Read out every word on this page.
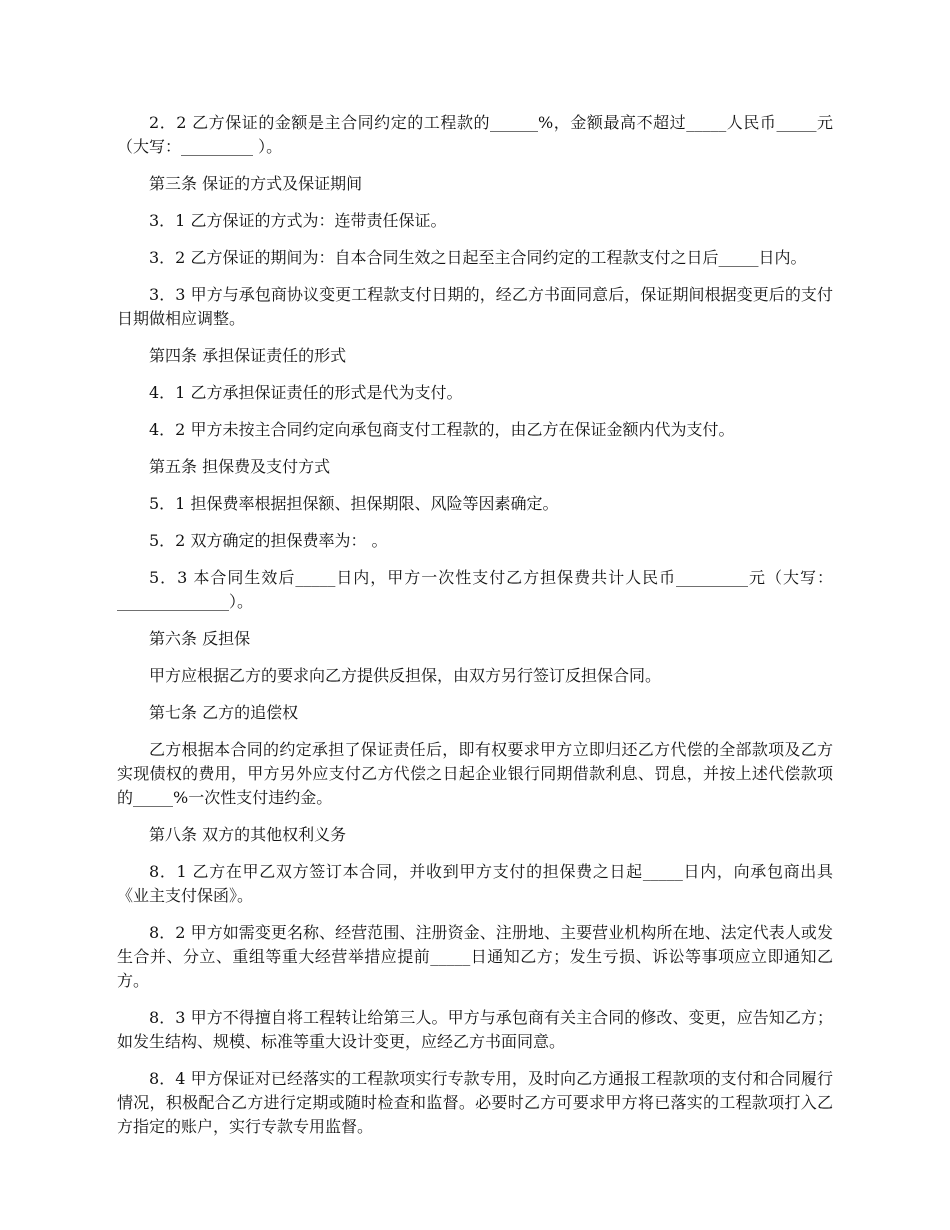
2．2 乙方保证的金额是主合同约定的工程款的______%，金额最高不超过_____人民币_____元（大写：_________ ）。

第三条 保证的方式及保证期间

3．1 乙方保证的方式为：连带责任保证。

3．2 乙方保证的期间为：自本合同生效之日起至主合同约定的工程款支付之日后_____日内。

3．3 甲方与承包商协议变更工程款支付日期的，经乙方书面同意后，保证期间根据变更后的支付日期做相应调整。

第四条 承担保证责任的形式

4．1 乙方承担保证责任的形式是代为支付。

4．2 甲方未按主合同约定向承包商支付工程款的，由乙方在保证金额内代为支付。

第五条 担保费及支付方式

5．1 担保费率根据担保额、担保期限、风险等因素确定。

5．2 双方确定的担保费率为： 。

5．3 本合同生效后_____日内，甲方一次性支付乙方担保费共计人民币_________元（大写：______________）。

第六条 反担保

甲方应根据乙方的要求向乙方提供反担保，由双方另行签订反担保合同。

第七条 乙方的追偿权

乙方根据本合同的约定承担了保证责任后，即有权要求甲方立即归还乙方代偿的全部款项及乙方实现债权的费用，甲方另外应支付乙方代偿之日起企业银行同期借款利息、罚息，并按上述代偿款项的_____%一次性支付违约金。

第八条 双方的其他权利义务

8．1 乙方在甲乙双方签订本合同，并收到甲方支付的担保费之日起_____日内，向承包商出具《业主支付保函》。

8．2 甲方如需变更名称、经营范围、注册资金、注册地、主要营业机构所在地、法定代表人或发生合并、分立、重组等重大经营举措应提前_____日通知乙方；发生亏损、诉讼等事项应立即通知乙方。

8．3 甲方不得擅自将工程转让给第三人。甲方与承包商有关主合同的修改、变更，应告知乙方；如发生结构、规模、标准等重大设计变更，应经乙方书面同意。

8．4 甲方保证对已经落实的工程款项实行专款专用，及时向乙方通报工程款项的支付和合同履行情况，积极配合乙方进行定期或随时检查和监督。必要时乙方可要求甲方将已落实的工程款项打入乙方指定的账户，实行专款专用监督。
